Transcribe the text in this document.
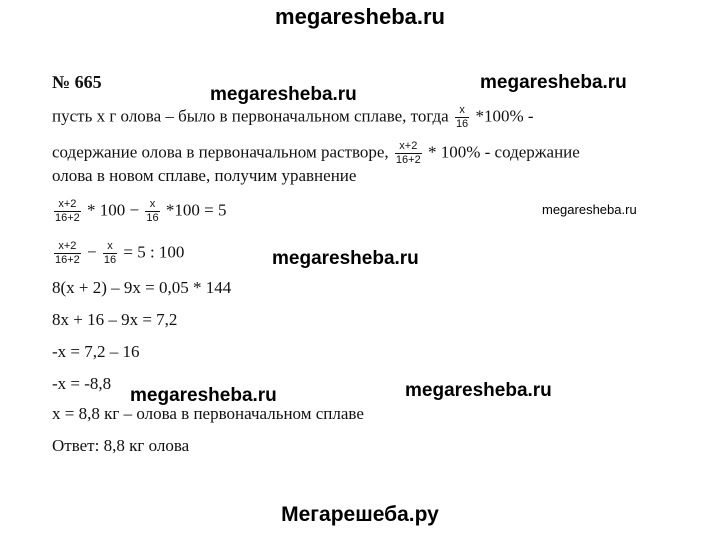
megaresheba.ru
megaresheba.ru
megaresheba.ru
megaresheba.ru
megaresheba.ru
megaresheba.ru	megaresheba.ru
Мегарешеба.ру
№ 665
пусть х г олова – было в первоначальном сплаве, тогда $\frac{x}{16} *100\%$ -
содержание олова в первоначальном растворе, $\frac{x+2}{16+2} * 100\%$ - содержание
олова в новом сплаве, получим уравнение
$\frac{x+2}{16+2} * 100 - \frac{x}{16} *100 = 5$
$\frac{x+2}{16+2} - \frac{x}{16} = 5$ : 100
8(x + 2) – 9x = 0,05 * 144
8x + 16 – 9x = 7,2
-x = 7,2 – 16
-x = -8,8
x = 8,8 кг – олова в первоначальном сплаве
Ответ: 8,8 кг олова
